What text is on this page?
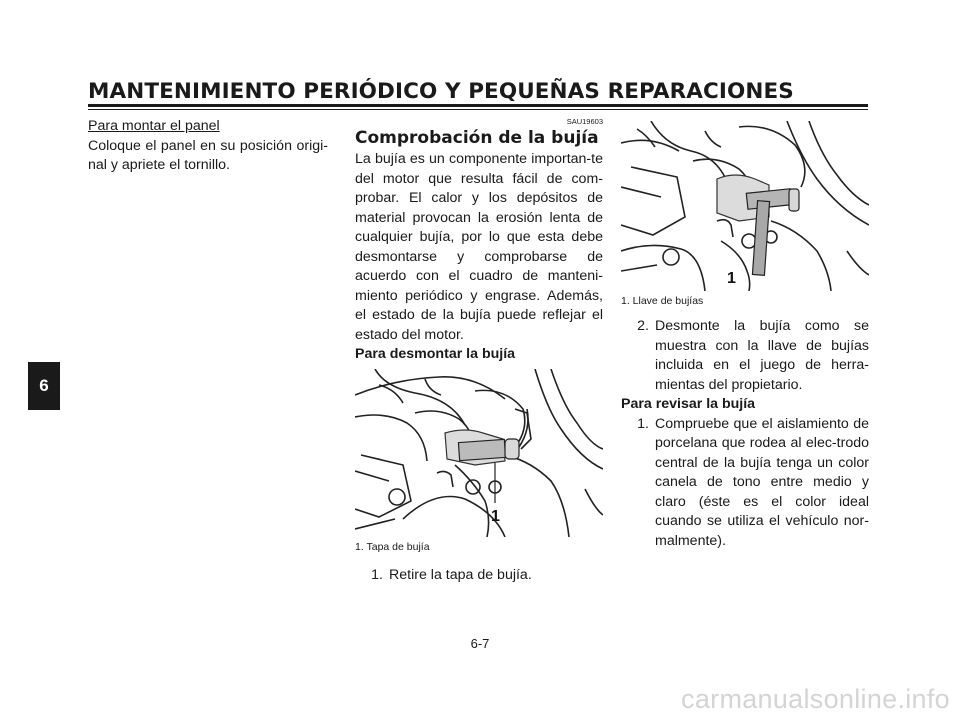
MANTENIMIENTO PERIÓDICO Y PEQUEÑAS REPARACIONES
6

Para montar el panel

Coloque el panel en su posición origi-nal y apriete el tornillo.

SAU19603

Comprobación de la bujía

La bujía es un componente importan-te del motor que resulta fácil de com-probar. El calor y los depósitos de material provocan la erosión lenta de cualquier bujía, por lo que esta debe desmontarse y comprobarse de acuerdo con el cuadro de manteni-miento periódico y engrase. Además, el estado de la bujía puede reflejar el estado del motor.

Para desmontar la bujía

1

1. Tapa de bujía

1. Retire la tapa de bujía.
1

1. Llave de bujías

2. Desmonte la bujía como se muestra con la llave de bujías incluida en el juego de herra-mientas del propietario.

Para revisar la bujía

1. Compruebe que el aislamiento de porcelana que rodea al elec-trodo central de la bujía tenga un color canela de tono entre medio y claro (éste es el color ideal cuando se utiliza el vehículo nor-malmente).
6-7
carmanualsonline.info
